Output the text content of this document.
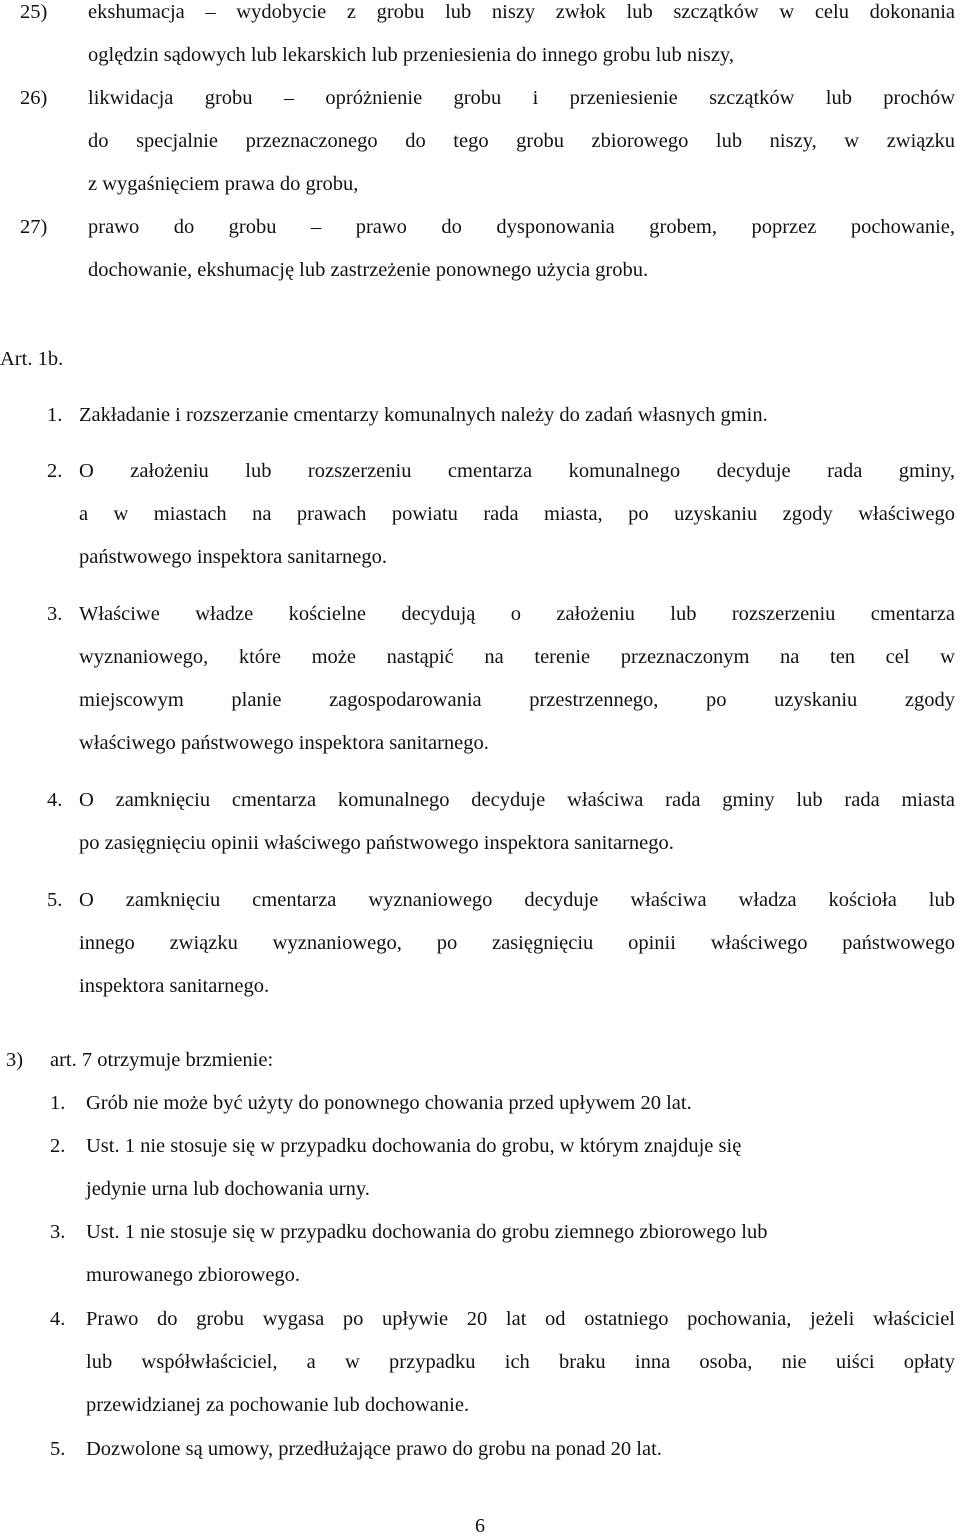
25) ekshumacja – wydobycie z grobu lub niszy zwłok lub szczątków w celu dokonania
oględzin sądowych lub lekarskich lub przeniesienia do innego grobu lub niszy,
26) likwidacja grobu – opróżnienie grobu i przeniesienie szczątków lub prochów
do specjalnie przeznaczonego do tego grobu zbiorowego lub niszy, w związku
z wygaśnięciem prawa do grobu,
27) prawo do grobu – prawo do dysponowania grobem, poprzez pochowanie,
dochowanie, ekshumację lub zastrzeżenie ponownego użycia grobu.
Art. 1b.
1. Zakładanie i rozszerzanie cmentarzy komunalnych należy do zadań własnych gmin.
2. O założeniu lub rozszerzeniu cmentarza komunalnego decyduje rada gminy,
a w miastach na prawach powiatu rada miasta, po uzyskaniu zgody właściwego
państwowego inspektora sanitarnego.
3. Właściwe władze kościelne decydują o założeniu lub rozszerzeniu cmentarza
wyznaniowego, które może nastąpić na terenie przeznaczonym na ten cel w
miejscowym planie zagospodarowania przestrzennego, po uzyskaniu zgody
właściwego państwowego inspektora sanitarnego.
4. O zamknięciu cmentarza komunalnego decyduje właściwa rada gminy lub rada miasta
po zasięgnięciu opinii właściwego państwowego inspektora sanitarnego.
5. O zamknięciu cmentarza wyznaniowego decyduje właściwa władza kościoła lub
innego związku wyznaniowego, po zasięgnięciu opinii właściwego państwowego
inspektora sanitarnego.
3) art. 7 otrzymuje brzmienie:
1. Grób nie może być użyty do ponownego chowania przed upływem 20 lat.
2. Ust. 1 nie stosuje się w przypadku dochowania do grobu, w którym znajduje się
jedynie urna lub dochowania urny.
3. Ust. 1 nie stosuje się w przypadku dochowania do grobu ziemnego zbiorowego lub
murowanego zbiorowego.
4. Prawo do grobu wygasa po upływie 20 lat od ostatniego pochowania, jeżeli właściciel
lub współwłaściciel, a w przypadku ich braku inna osoba, nie uiści opłaty
przewidzianej za pochowanie lub dochowanie.
5. Dozwolone są umowy, przedłużające prawo do grobu na ponad 20 lat.
6
